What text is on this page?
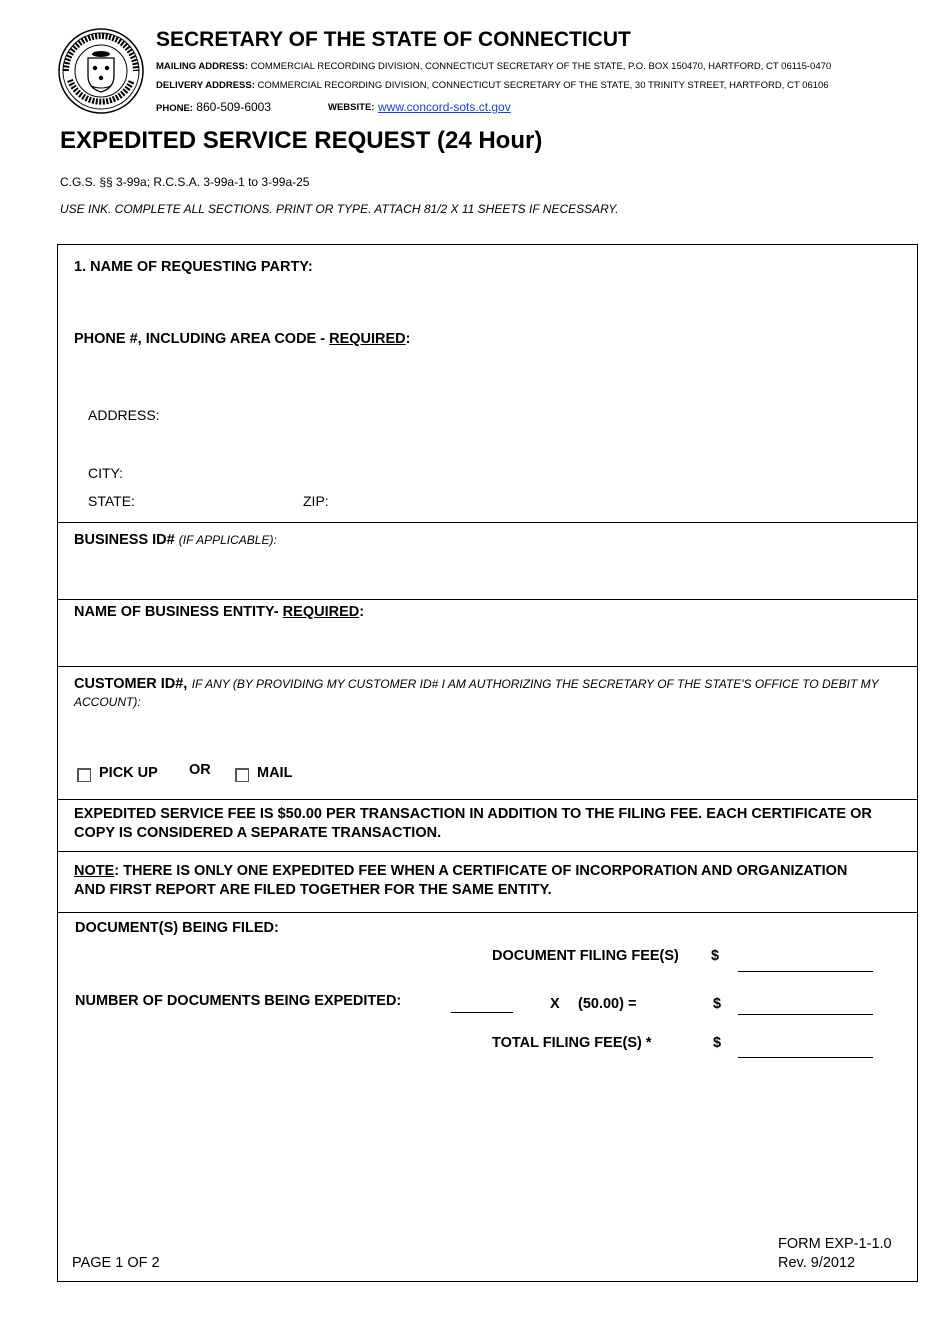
SECRETARY OF THE STATE OF CONNECTICUT
MAILING ADDRESS: COMMERCIAL RECORDING DIVISION, CONNECTICUT SECRETARY OF THE STATE, P.O. BOX 150470, HARTFORD, CT 06115-0470
DELIVERY ADDRESS: COMMERCIAL RECORDING DIVISION, CONNECTICUT SECRETARY OF THE STATE, 30 TRINITY STREET, HARTFORD, CT 06106
PHONE: 860-509-6003	WEBSITE: www.concord-sots.ct.gov
EXPEDITED SERVICE REQUEST (24 Hour)
C.G.S. §§ 3-99a; R.C.S.A. 3-99a-1 to 3-99a-25
USE INK. COMPLETE ALL SECTIONS. PRINT OR TYPE. ATTACH 81/2 X 11 SHEETS IF NECESSARY.
1. NAME OF REQUESTING PARTY:
PHONE #, INCLUDING AREA CODE - REQUIRED:
ADDRESS:
CITY:
STATE:	ZIP:
BUSINESS ID# (IF APPLICABLE):
NAME OF BUSINESS ENTITY- REQUIRED:
CUSTOMER ID#, IF ANY (BY PROVIDING MY CUSTOMER ID# I AM AUTHORIZING THE SECRETARY OF THE STATE'S OFFICE TO DEBIT MY ACCOUNT):
PICK UP OR	MAIL
EXPEDITED SERVICE FEE IS $50.00 PER TRANSACTION IN ADDITION TO THE FILING FEE. EACH CERTIFICATE OR COPY IS CONSIDERED A SEPARATE TRANSACTION.
NOTE: THERE IS ONLY ONE EXPEDITED FEE WHEN A CERTIFICATE OF INCORPORATION AND ORGANIZATION AND FIRST REPORT ARE FILED TOGETHER FOR THE SAME ENTITY.
DOCUMENT(S) BEING FILED:
DOCUMENT FILING FEE(S) $
NUMBER OF DOCUMENTS BEING EXPEDITED:	X (50.00) =	$
TOTAL FILING FEE(S) *	$
PAGE 1 OF 2
FORM EXP-1-1.0
Rev. 9/2012
